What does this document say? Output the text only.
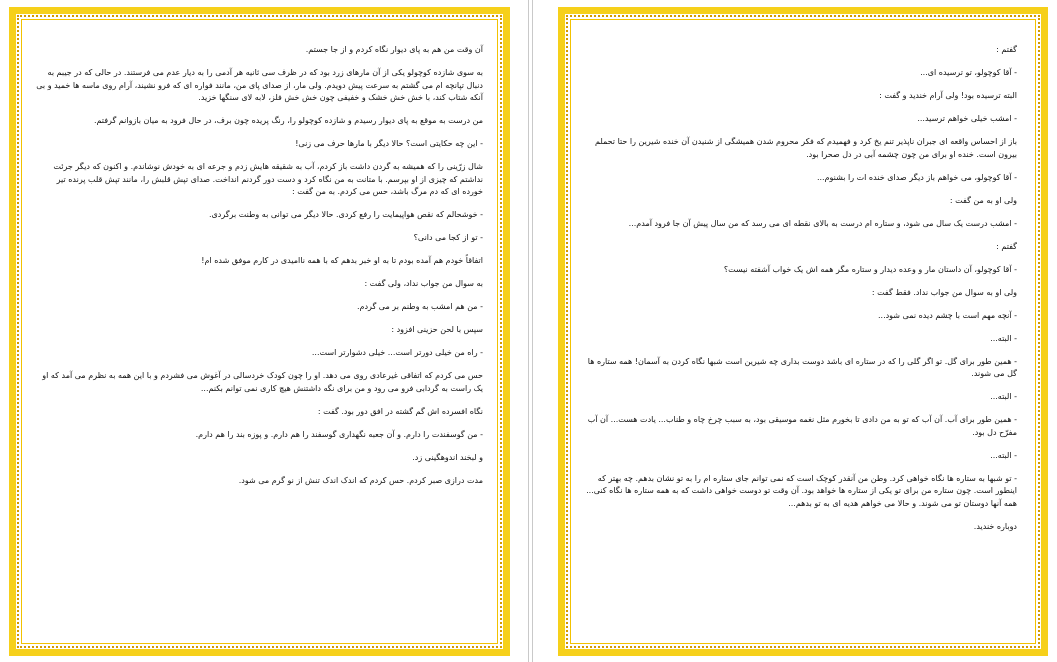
آن وقت من هم به پای دیوار نگاه کردم و از جا جستم.

به سوی شازده کوچولو یکی از آن مارهای زرد بود که در ظرف سی ثانیه هر آدمی را به دیار عدم می فرستند. در حالی که در جیبم به دنبال تپانچه ام می گشتم به سرعت پیش دویدم. ولی مار، از صدای پای من، مانند فواره ای که فرو نشیند، آرام روی ماسه ها خمید و بی آنکه شتاب کند، با خش خش خشک و خفیفی چون خش خش فلز، لابه لای سنگها خزید.

من درست به موقع به پای دیوار رسیدم و شازده کوچولو را، رنگ پریده چون برف، در حال فرود به میان بازوانم گرفتم.

- این چه حکایتی است؟ حالا دیگر با مارها حرف می زنی!

شال زرّینی را که همیشه به گردن داشت باز کردم، آب به شقیقه هایش زدم و جرعه ای به خودش نوشاندم. و اکنون که دیگر جرئت نداشتم که چیزی از او بپرسم. با متانت به من نگاه کرد و دست دور گردنم انداخت. صدای تپش قلبش را، مانند تپش قلب پرنده تیر خورده ای که دم مرگ باشد، حس می کردم. به من گفت :

- خوشحالم که نقص هواپیمایت را رفع کردی. حالا دیگر می توانی به وطنت برگردی.

- تو از کجا می دانی؟

اتفاقاً خودم هم آمده بودم تا به او خبر بدهم که با همه ناامیدی در کارم موفق شده ام!

به سوال من جواب نداد، ولی گفت :

- من هم امشب به وطنم بر می گردم.

سپس با لحن حزینی افزود :

- راه من خیلی دورتر است... خیلی دشوارتر است...

حس می کردم که اتفاقی غیرعادی روی می دهد. او را چون کودک خردسالی در آغوش می فشردم و با این همه به نظرم می آمد که او یک راست به گردابی فرو می رود و من برای نگه داشتنش هیچ کاری نمی توانم بکنم...

نگاه افسرده اش گم گشته در افق دور بود. گفت :

- من گوسفندت را دارم. و آن جعبه نگهداری گوسفند را هم دارم. و پوزه بند را هم دارم.

و لبخند اندوهگینی زد.

مدت درازی صبر کردم. حس کردم که اندک اندک تنش از نو گرم می شود.

گفتم :

- آقا کوچولو، تو ترسیده ای...

البته ترسیده بود! ولی آرام خندید و گفت :

- امشب خیلی خواهم ترسید...

باز از احساس واقعه ای جبران ناپذیر تنم یخ کرد و فهمیدم که فکر محروم شدن همیشگی از شنیدن آن خنده شیرین را حتا تحملم بیرون است. خنده او برای من چون چشمه آبی در دل صحرا بود.

- آقا کوچولو، می خواهم باز دیگر صدای خنده ات را بشنوم...

ولی او به من گفت :

- امشب درست یک سال می شود، و ستاره ام درست به بالای نقطه ای می رسد که من سال پیش آن جا فرود آمدم...

گفتم :

- آقا کوچولو، آن داستان مار و وعده دیدار و ستاره مگر همه اش یک خواب آشفته نیست؟

ولی او به سوال من جواب نداد. فقط گفت :

- آنچه مهم است با چشم دیده نمی شود...

- البته...

- همین طور برای گل. تو اگر گلی را که در ستاره ای باشد دوست بداری چه شیرین است شبها نگاه کردن به آسمان! همه ستاره ها گل می شوند.

- البته...

- همین طور برای آب. آن آب که تو به من دادی تا بخورم مثل نغمه موسیقی بود، به سبب چرخ چاه و طناب... یادت هست... آن آب مفرّح دل بود.

- البته...

- تو شبها به ستاره ها نگاه خواهی کرد. وطن من آنقدر کوچک است که نمی توانم جای ستاره ام را به تو نشان بدهم. چه بهتر که اینطور است. چون ستاره من برای تو یکی از ستاره ها خواهد بود. آن وقت تو دوست خواهی داشت که به همه ستاره ها نگاه کنی... همه آنها دوستان تو می شوند. و حالا می خواهم هدیه ای به تو بدهم...

دوباره خندید.
